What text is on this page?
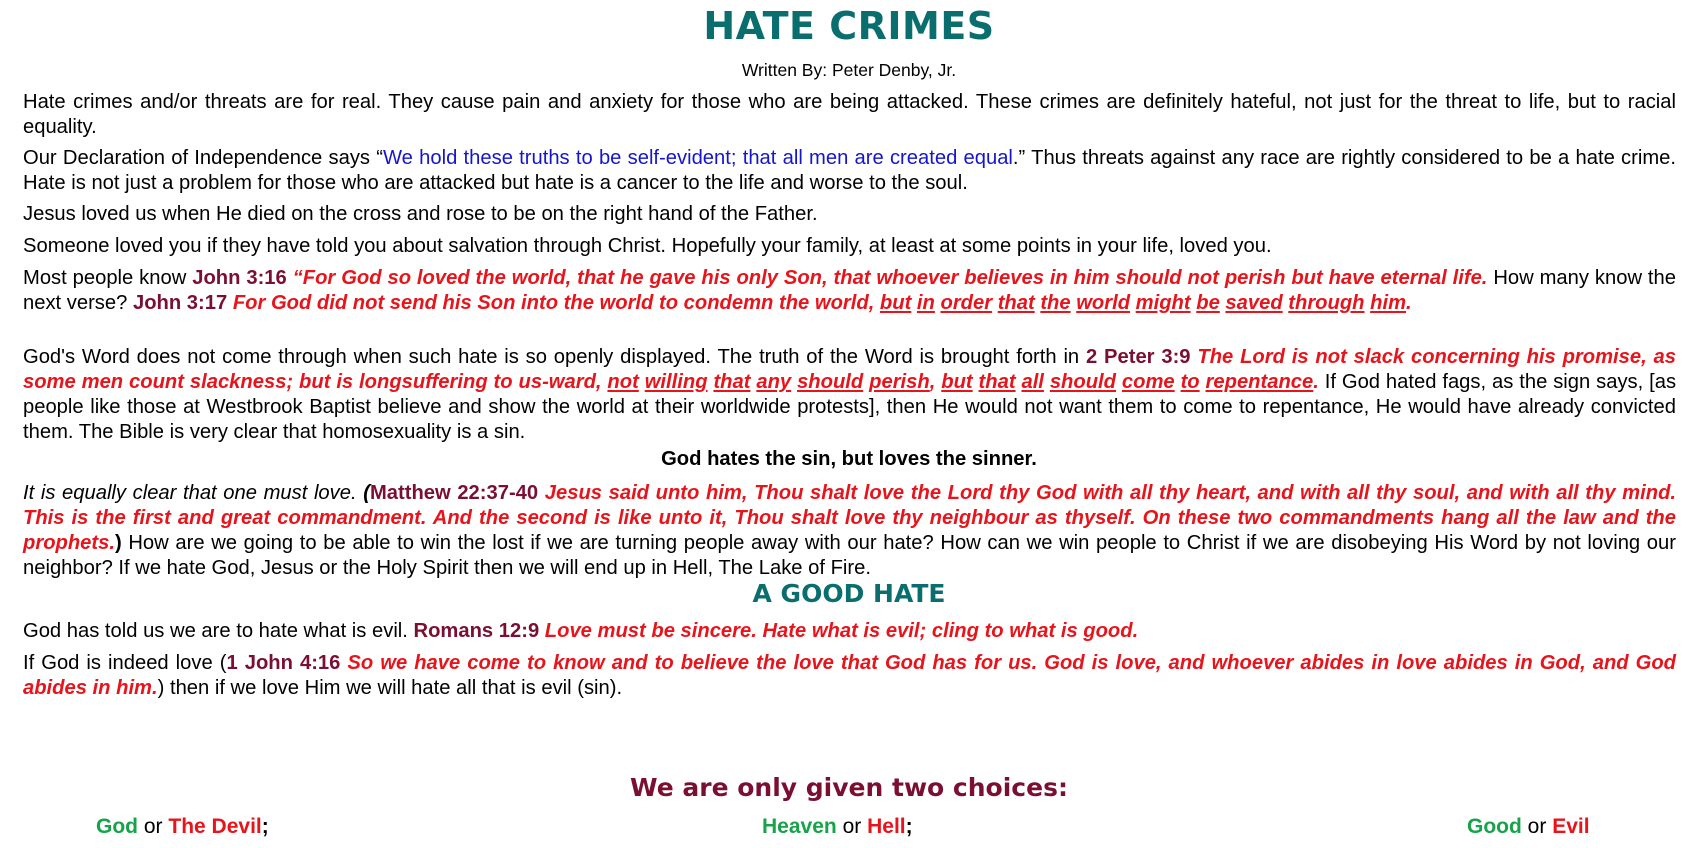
HATE CRIMES
Written By: Peter Denby, Jr.

Hate crimes and/or threats are for real. They cause pain and anxiety for those who are being attacked. These crimes are definitely hateful, not just for the threat to life, but to racial equality.

Our Declaration of Independence says “We hold these truths to be self-evident; that all men are created equal.” Thus threats against any race are rightly considered to be a hate crime. Hate is not just a problem for those who are attacked but hate is a cancer to the life and worse to the soul.

Jesus loved us when He died on the cross and rose to be on the right hand of the Father.

Someone loved you if they have told you about salvation through Christ. Hopefully your family, at least at some points in your life, loved you.

Most people know John 3:16 “For God so loved the world, that he gave his only Son, that whoever believes in him should not perish but have eternal life. How many know the next verse? John 3:17 For God did not send his Son into the world to condemn the world, but in order that the world might be saved through him.

God's Word does not come through when such hate is so openly displayed. The truth of the Word is brought forth in 2 Peter 3:9 The Lord is not slack concerning his promise, as some men count slackness; but is longsuffering to us-ward, not willing that any should perish, but that all should come to repentance. If God hated fags, as the sign says, [as people like those at Westbrook Baptist believe and show the world at their worldwide protests], then He would not want them to come to repentance, He would have already convicted them. The Bible is very clear that homosexuality is a sin.

God hates the sin, but loves the sinner.

It is equally clear that one must love. (Matthew 22:37-40 Jesus said unto him, Thou shalt love the Lord thy God with all thy heart, and with all thy soul, and with all thy mind. This is the first and great commandment. And the second is like unto it, Thou shalt love thy neighbour as thyself. On these two commandments hang all the law and the prophets.) How are we going to be able to win the lost if we are turning people away with our hate? How can we win people to Christ if we are disobeying His Word by not loving our neighbor? If we hate God, Jesus or the Holy Spirit then we will end up in Hell, The Lake of Fire.

A GOOD HATE

God has told us we are to hate what is evil. Romans 12:9 Love must be sincere. Hate what is evil; cling to what is good.

If God is indeed love (1 John 4:16 So we have come to know and to believe the love that God has for us. God is love, and whoever abides in love abides in God, and God abides in him.) then if we love Him we will hate all that is evil (sin).

We are only given two choices:
God or The Devil;	Heaven or Hell;	Good or Evil
